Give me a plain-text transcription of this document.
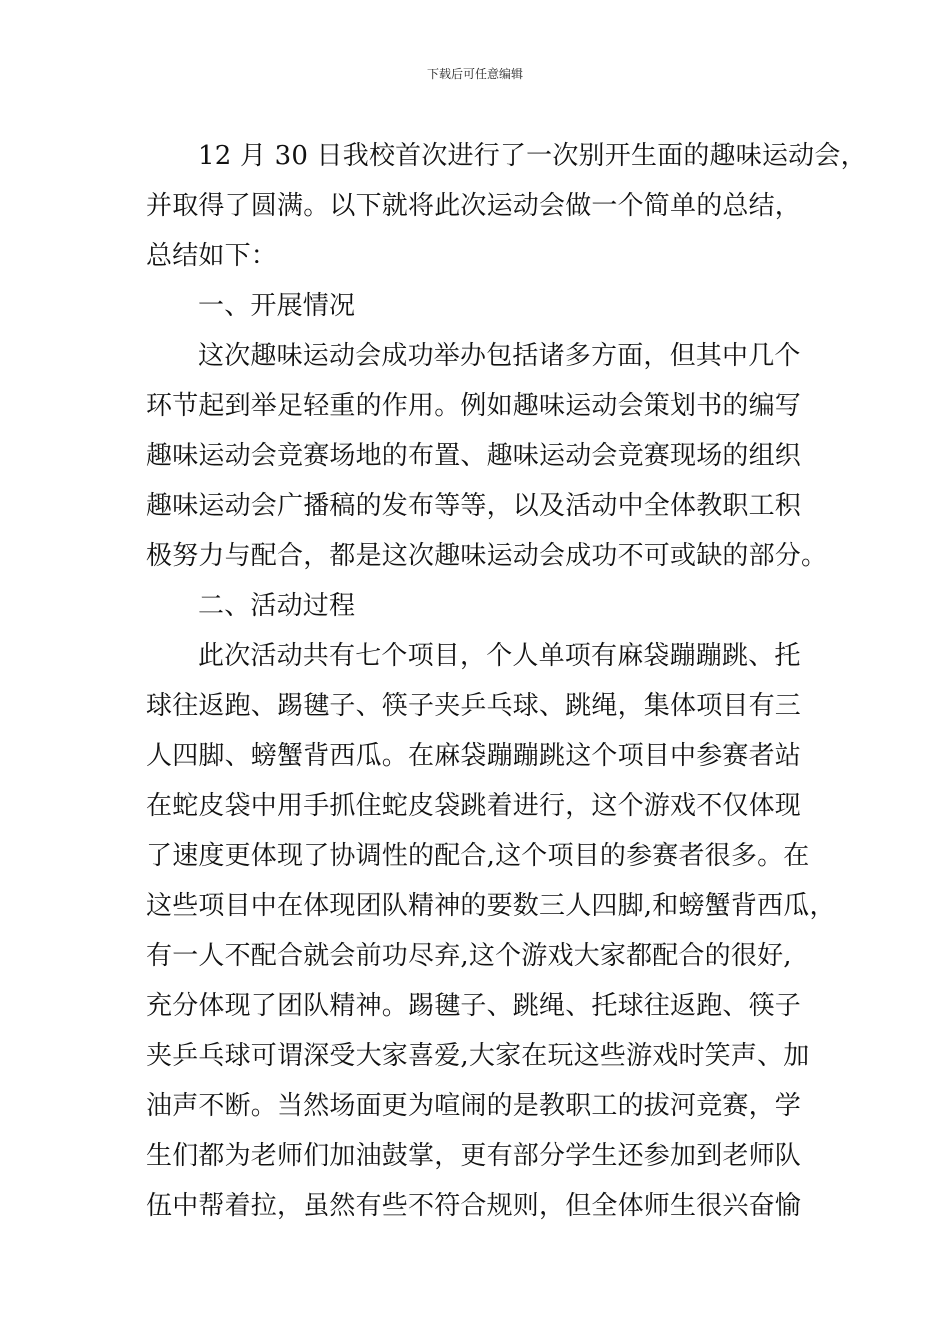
下载后可任意编辑
12 月 30 日我校首次进行了一次别开生面的趣味运动会，
并取得了圆满。以下就将此次运动会做一个简单的总结，
总结如下：
一、开展情况
这次趣味运动会成功举办包括诸多方面，但其中几个
环节起到举足轻重的作用。例如趣味运动会策划书的编写
趣味运动会竞赛场地的布置、趣味运动会竞赛现场的组织
趣味运动会广播稿的发布等等，以及活动中全体教职工积
极努力与配合，都是这次趣味运动会成功不可或缺的部分。
二、活动过程
此次活动共有七个项目，个人单项有麻袋蹦蹦跳、托
球往返跑、踢毽子、筷子夹乒乓球、跳绳，集体项目有三
人四脚、螃蟹背西瓜。在麻袋蹦蹦跳这个项目中参赛者站
在蛇皮袋中用手抓住蛇皮袋跳着进行，这个游戏不仅体现
了速度更体现了协调性的配合,这个项目的参赛者很多。在
这些项目中在体现团队精神的要数三人四脚,和螃蟹背西瓜，
有一人不配合就会前功尽弃,这个游戏大家都配合的很好,
充分体现了团队精神。踢毽子、跳绳、托球往返跑、筷子
夹乒乓球可谓深受大家喜爱,大家在玩这些游戏时笑声、加
油声不断。当然场面更为喧闹的是教职工的拔河竞赛，学
生们都为老师们加油鼓掌，更有部分学生还参加到老师队
伍中帮着拉，虽然有些不符合规则，但全体师生很兴奋愉
